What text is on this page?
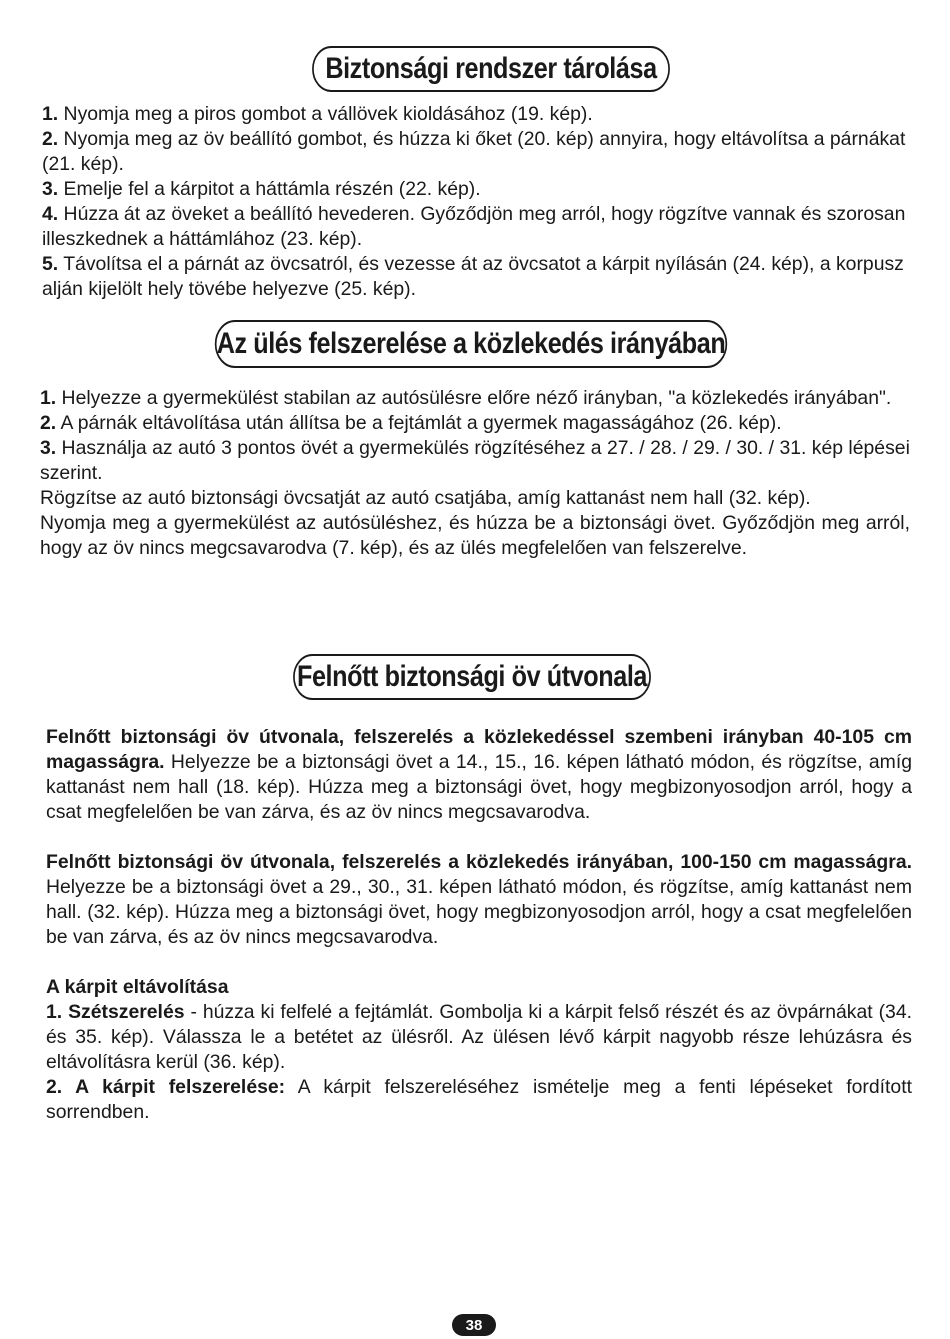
Biztonsági rendszer tárolása

1. Nyomja meg a piros gombot a vállövek kioldásához (19. kép).

2. Nyomja meg az öv beállító gombot, és húzza ki őket (20. kép) annyira, hogy eltávolítsa a párnákat (21. kép).

3. Emelje fel a kárpitot a háttámla részén (22. kép).

4. Húzza át az öveket a beállító hevederen. Győződjön meg arról, hogy rögzítve vannak és szorosan illeszkednek a háttámlához (23. kép).

5. Távolítsa el a párnát az övcsatról, és vezesse át az övcsatot a kárpit nyílásán (24. kép), a korpusz alján kijelölt hely tövébe helyezve (25. kép).

Az ülés felszerelése a közlekedés irányában

1. Helyezze a gyermekülést stabilan az autósülésre előre néző irányban, "a közlekedés irányában".

2. A párnák eltávolítása után állítsa be a fejtámlát a gyermek magasságához (26. kép).

3. Használja az autó 3 pontos övét a gyermekülés rögzítéséhez a 27. / 28. / 29. / 30. / 31. kép lépései szerint.

Rögzítse az autó biztonsági övcsatját az autó csatjába, amíg kattanást nem hall (32. kép).

Nyomja meg a gyermekülést az autósüléshez, és húzza be a biztonsági övet. Győződjön meg arról, hogy az öv nincs megcsavarodva (7. kép), és az ülés megfelelően van felszerelve.

Felnőtt biztonsági öv útvonala

Felnőtt biztonsági öv útvonala, felszerelés a közlekedéssel szembeni irányban 40-105 cm magasságra. Helyezze be a biztonsági övet a 14., 15., 16. képen látható módon, és rögzítse, amíg kattanást nem hall (18. kép). Húzza meg a biztonsági övet, hogy megbizonyosodjon arról, hogy a csat megfelelően be van zárva, és az öv nincs megcsavarodva.

Felnőtt biztonsági öv útvonala, felszerelés a közlekedés irányában, 100-150 cm magasságra. Helyezze be a biztonsági övet a 29., 30., 31. képen látható módon, és rögzítse, amíg kattanást nem hall. (32. kép). Húzza meg a biztonsági övet, hogy megbizonyosodjon arról, hogy a csat megfelelően be van zárva, és az öv nincs megcsavarodva.

A kárpit eltávolítása

1. Szétszerelés - húzza ki felfelé a fejtámlát. Gombolja ki a kárpit felső részét és az övpárnákat (34. és 35. kép). Válassza le a betétet az ülésről. Az ülésen lévő kárpit nagyobb része lehúzásra és eltávolításra kerül (36. kép).

2. A kárpit felszerelése: A kárpit felszereléséhez ismételje meg a fenti lépéseket fordított sorrendben.

38
